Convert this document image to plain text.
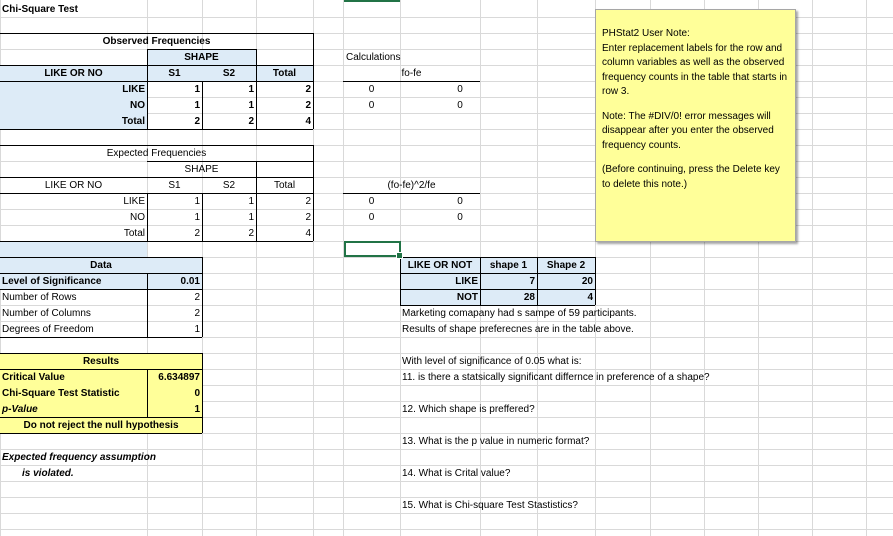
Chi-Square Test
Observed Frequencies
SHAPE
LIKE OR NO	S1	S2	Total
LIKE	1	1	2
NO	1	1	2
Total	2	2	4
Expected Frequencies
SHAPE
LIKE OR NO	S1	S2	Total
LIKE	1	1	2
NO	1	1	2
Total	2	2	4
Calculations
fo-fe
0	0
0	0
(fo-fe)^2/fe
0	0
0	0
Data
Level of Significance	0.01
Number of Rows	2
Number of Columns	2
Degrees of Freedom	1
Results
Critical Value	6.634897
Chi-Square Test Statistic	0
p-Value	1
Do not reject the null hypothesis
Expected frequency assumption
is violated.
LIKE OR NOT	shape 1	Shape 2
LIKE	7	20
NOT	28	4
Marketing comapany had s sampe of 59 participants.
Results of shape preferecnes are in the table above.
With level of significance of 0.05 what is:
11. is there a statsically significant differnce in preference of a shape?
12. Which shape is preffered?
13. What is the p value in numeric format?
14. What is Crital value?
15. What is Chi-square Test Stastistics?

PHStat2 User Note:

Enter replacement labels for the row and column variables as well as the observed frequency counts in the table that starts in row 3.

Note: The #DIV/0! error messages will disappear after you enter the observed frequency counts.

(Before continuing, press the Delete key to delete this note.)
